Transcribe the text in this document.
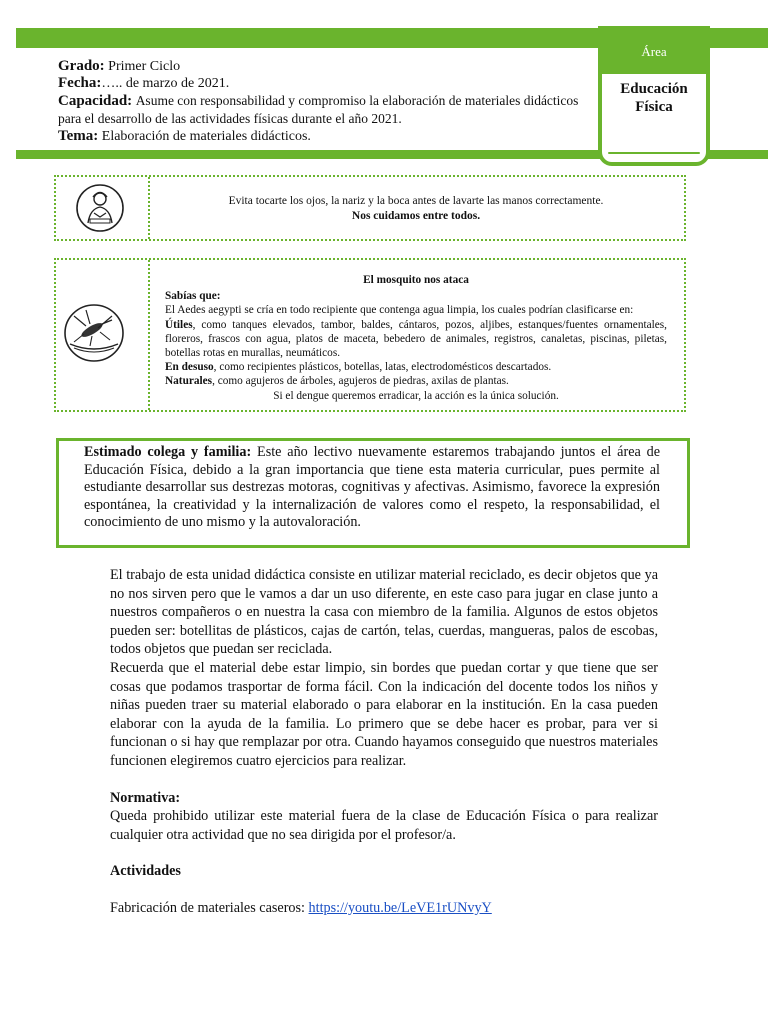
Área
Educación
Física

Grado: Primer Ciclo

Fecha:….. de marzo de 2021.

Capacidad: Asume con responsabilidad y compromiso la elaboración de materiales didácticos para el desarrollo de las actividades físicas durante el año 2021.

Tema: Elaboración de materiales didácticos.

Evita tocarte los ojos, la nariz y la boca antes de lavarte las manos correctamente.
Nos cuidamos entre todos.
El mosquito nos ataca
Sabías que:
El Aedes aegypti se cría en todo recipiente que contenga agua limpia, los cuales podrían clasificarse en:
Útiles, como tanques elevados, tambor, baldes, cántaros, pozos, aljibes, estanques/fuentes ornamentales, floreros, frascos con agua, platos de maceta, bebedero de animales, registros, canaletas, piscinas, piletas, botellas rotas en murallas, neumáticos.
En desuso, como recipientes plásticos, botellas, latas, electrodomésticos descartados.
Naturales, como agujeros de árboles, agujeros de piedras, axilas de plantas.
Si el dengue queremos erradicar, la acción es la única solución.
Estimado colega y familia: Este año lectivo nuevamente estaremos trabajando juntos el área de Educación Física, debido a la gran importancia que tiene esta materia curricular, pues permite al estudiante desarrollar sus destrezas motoras, cognitivas y afectivas. Asimismo, favorece la expresión espontánea, la creatividad y la internalización de valores como el respeto, la responsabilidad, el conocimiento de uno mismo y la autovaloración.

El trabajo de esta unidad didáctica consiste en utilizar material reciclado, es decir objetos que ya no nos sirven pero que le vamos a dar un uso diferente, en este caso para jugar en clase junto a nuestros compañeros o en nuestra la casa con miembro de la familia. Algunos de estos objetos pueden ser: botellitas de plásticos, cajas de cartón, telas, cuerdas, mangueras, palos de escobas, todos objetos que puedan ser reciclada.

Recuerda que el material debe estar limpio, sin bordes que puedan cortar y que tiene que ser cosas que podamos trasportar de forma fácil. Con la indicación del docente todos los niños y niñas pueden traer su material elaborado o para elaborar en la institución. En la casa pueden elaborar con la ayuda de la familia. Lo primero que se debe hacer es probar, para ver si funcionan o si hay que remplazar por otra. Cuando hayamos conseguido que nuestros materiales funcionen elegiremos cuatro ejercicios para realizar.

Normativa:

Queda prohibido utilizar este material fuera de la clase de Educación Física o para realizar cualquier otra actividad que no sea dirigida por el profesor/a.

Actividades

Fabricación de materiales caseros: https://youtu.be/LeVE1rUNvyY
